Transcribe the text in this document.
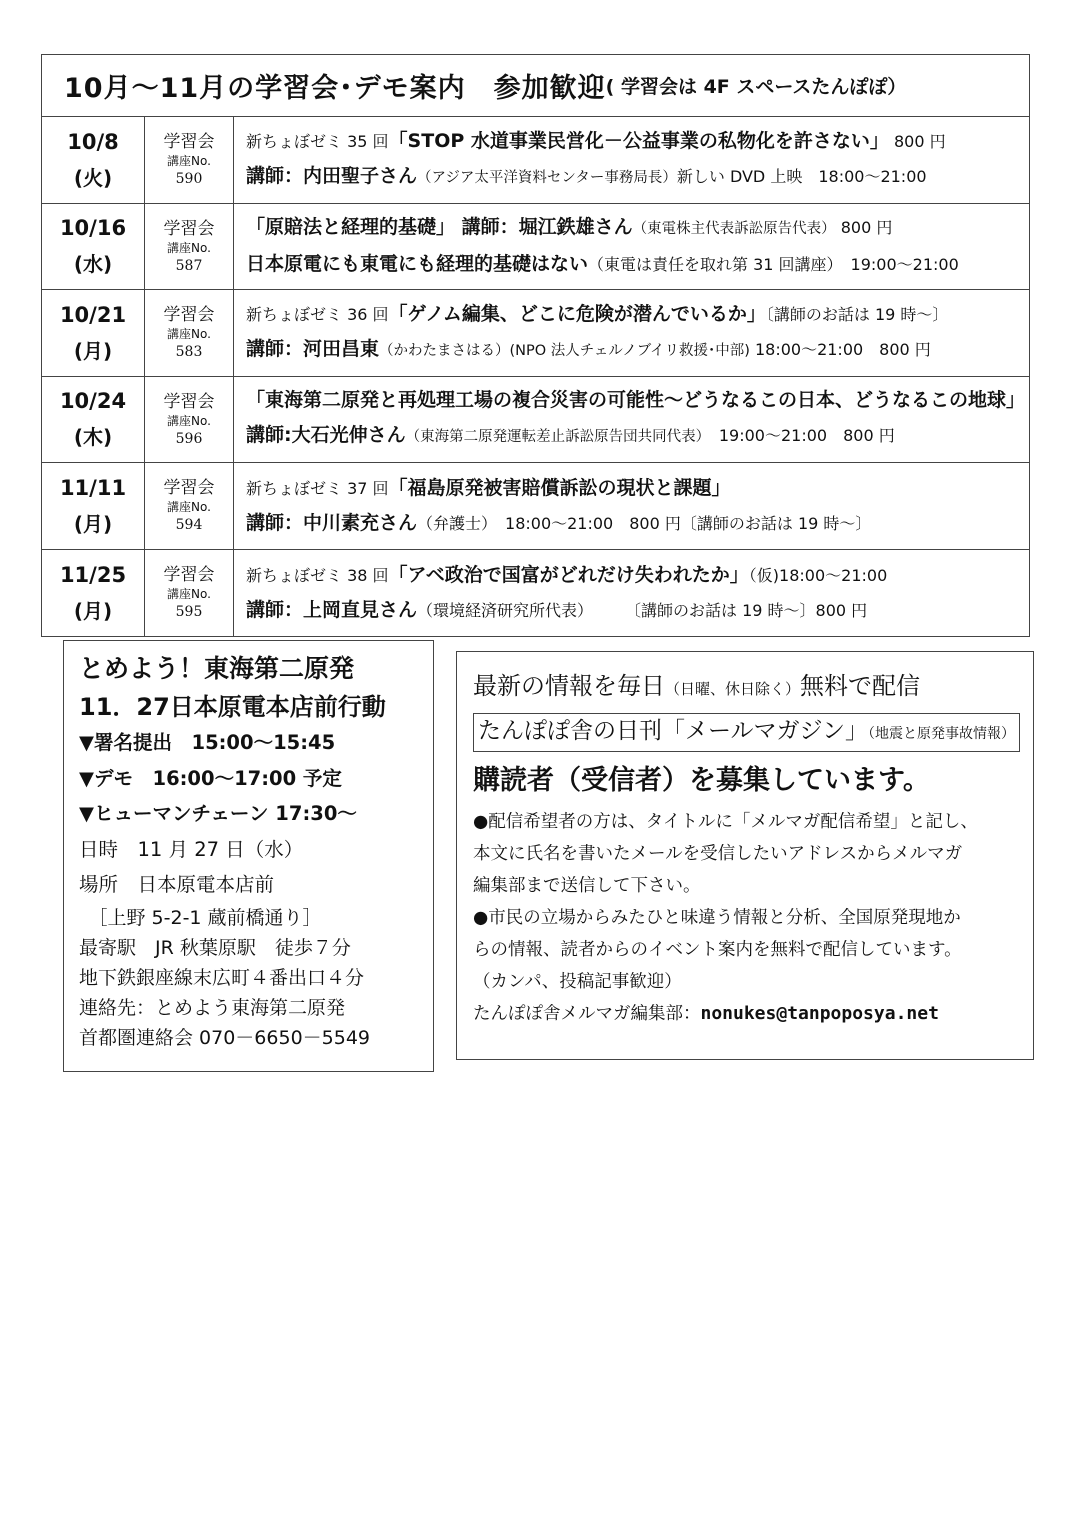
10月～11月の学習会･デモ案内　参加歓迎 ( 学習会は 4F スペースたんぽぽ）
10/8
(火)
学習会
講座No.
590
新ちょぼゼミ 35 回「STOP 水道事業民営化－公益事業の私物化を許さない」 800 円
講師：内田聖子さん（アジア太平洋資料センター事務局長）新しい DVD 上映　18:00～21:00
10/16
(水)
学習会
講座No.
587
「原賠法と経理的基礎」 講師：堀江鉄雄さん（東電株主代表訴訟原告代表） 800 円
日本原電にも東電にも経理的基礎はない（東電は責任を取れ第 31 回講座）　19:00～21:00
10/21
(月)
学習会
講座No.
583
新ちょぼゼミ 36 回「ゲノム編集、どこに危険が潜んでいるか」〔講師のお話は 19 時～〕
講師：河田昌東（かわたまさはる）(NPO 法人チェルノブイリ救援･中部) 18:00～21:00　800 円
10/24
(木)
学習会
講座No.
596
「東海第二原発と再処理工場の複合災害の可能性～どうなるこの日本、どうなるこの地球」
講師:大石光伸さん（東海第二原発運転差止訴訟原告団共同代表）　19:00～21:00　800 円
11/11
(月)
学習会
講座No.
594
新ちょぼゼミ 37 回「福島原発被害賠償訴訟の現状と課題」
講師：中川素充さん（弁護士）　18:00～21:00　800 円〔講師のお話は 19 時～〕
11/25
(月)
学習会
講座No.
595
新ちょぼゼミ 38 回「アベ政治で国富がどれだけ失われたか」（仮)18:00～21:00
講師：上岡直見さん（環境経済研究所代表）　　　〔講師のお話は 19 時～〕800 円
とめよう！東海第二原発
11．27日本原電本店前行動
▼署名提出　15:00～15:45
▼デモ　16:00～17:00 予定
▼ヒューマンチェーン 17:30～
日時　11 月 27 日（水）
場所　日本原電本店前
　［上野 5-2-1 蔵前橋通り］
最寄駅　JR 秋葉原駅　徒歩７分
地下鉄銀座線末広町４番出口４分
連絡先：とめよう東海第二原発
首都圏連絡会 070－6650－5549
最新の情報を毎日（日曜、休日除く）無料で配信
たんぽぽ舎の日刊「メールマガジン」（地震と原発事故情報）
購読者（受信者）を募集しています。
●配信希望者の方は、タイトルに「メルマガ配信希望」と記し、
本文に氏名を書いたメールを受信したいアドレスからメルマガ
編集部まで送信して下さい。
●市民の立場からみたひと味違う情報と分析、全国原発現地か
らの情報、読者からのイベント案内を無料で配信しています。
（カンパ、投稿記事歓迎）
たんぽぽ舎メルマガ編集部：nonukes@tanpoposya.net
